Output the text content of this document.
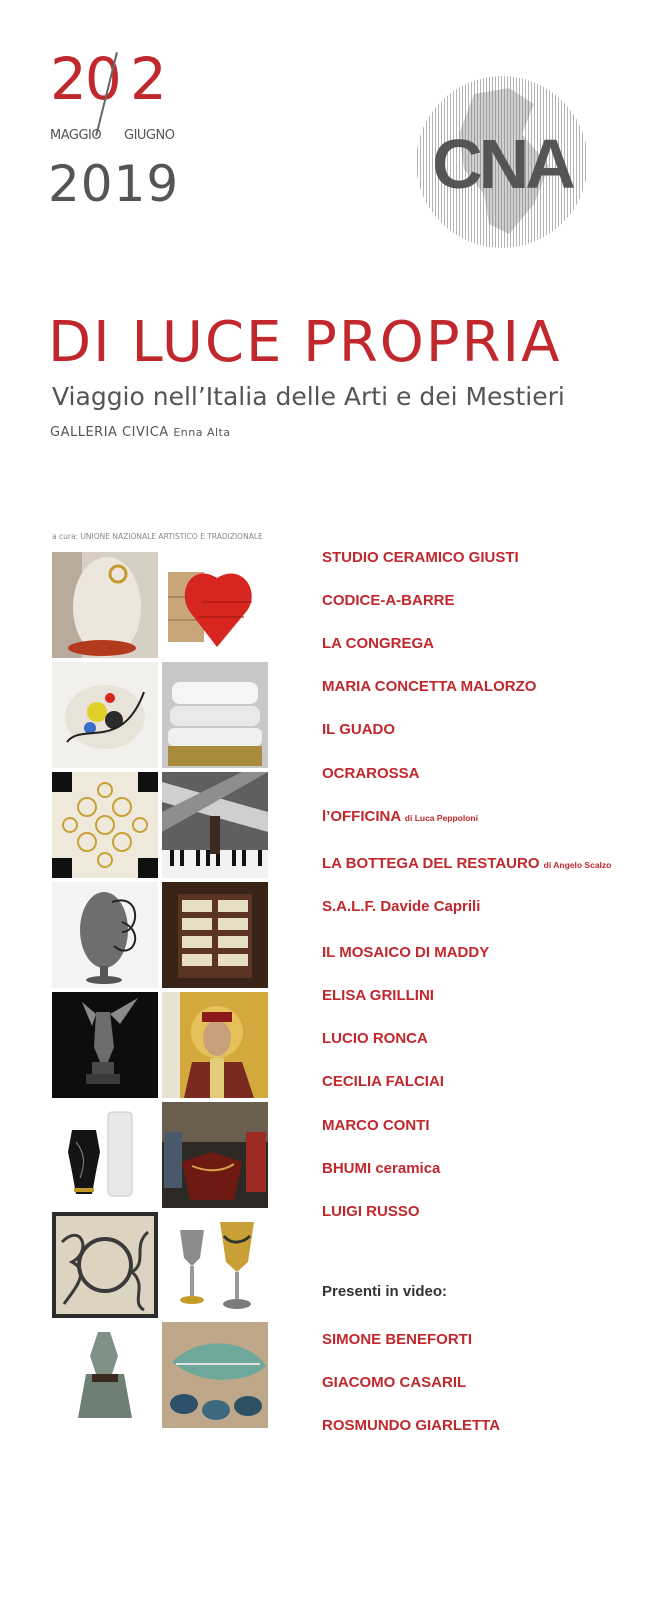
20 2
MAGGIO GIUGNO
2019	CNA
DI LUCE PROPRIA
Viaggio nell’Italia delle Arti e dei Mestieri
GALLERIA CIVICA Enna Alta
a cura: UNIONE NAZIONALE ARTISTICO E TRADIZIONALE
STUDIO CERAMICO GIUSTI
CODICE-A-BARRE
LA CONGREGA
MARIA CONCETTA MALORZO
IL GUADO
OCRAROSSA
l’OFFICINA di Luca Peppoloni
LA BOTTEGA DEL RESTAURO di Angelo Scalzo
S.A.L.F. Davide Caprili
IL MOSAICO DI MADDY
ELISA GRILLINI
LUCIO RONCA
CECILIA FALCIAI
MARCO CONTI
BHUMI ceramica
LUIGI RUSSO
Presenti in video:
SIMONE BENEFORTI
GIACOMO CASARIL
ROSMUNDO GIARLETTA
